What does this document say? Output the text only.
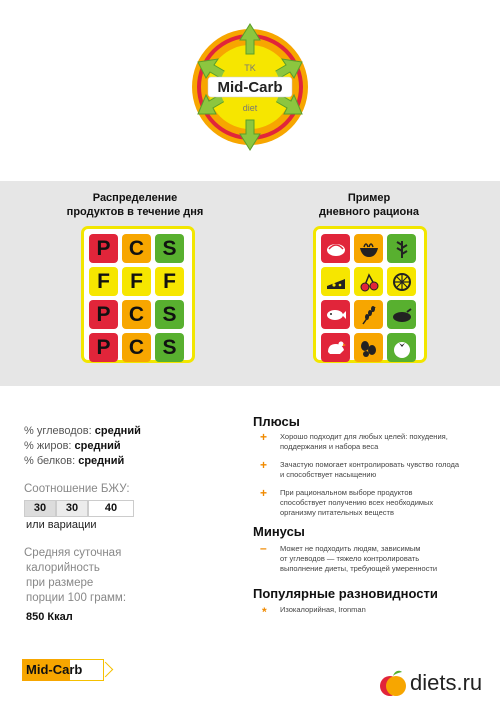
TK
Mid-Carb
diet
Распределение
продуктов в течение дня
Пример
дневного рациона
P C S
F F F
P C S
P C S
% углеводов: средний
% жиров: средний
% белков: средний
Соотношение БЖУ:
30	30	40
или вариации
Средняя суточная
калорийность
при размере
порции 100 грамм:
850 Ккал
Плюсы
+ Хорошо подходит для любых целей: похудения,
поддержания и набора веса
+ Зачастую помогает контролировать чувство голода
и способствует насыщению
+ При рациональном выборе продуктов
способствует получению всех необходимых
организму питательных веществ
Минусы
– Может не подходить людям, зависимым
от углеводов — тяжело контролировать
выполнение диеты, требующей умеренности
Популярные разновидности
* Изокалорийная, Ironman
Mid-Carb
diets.ru
